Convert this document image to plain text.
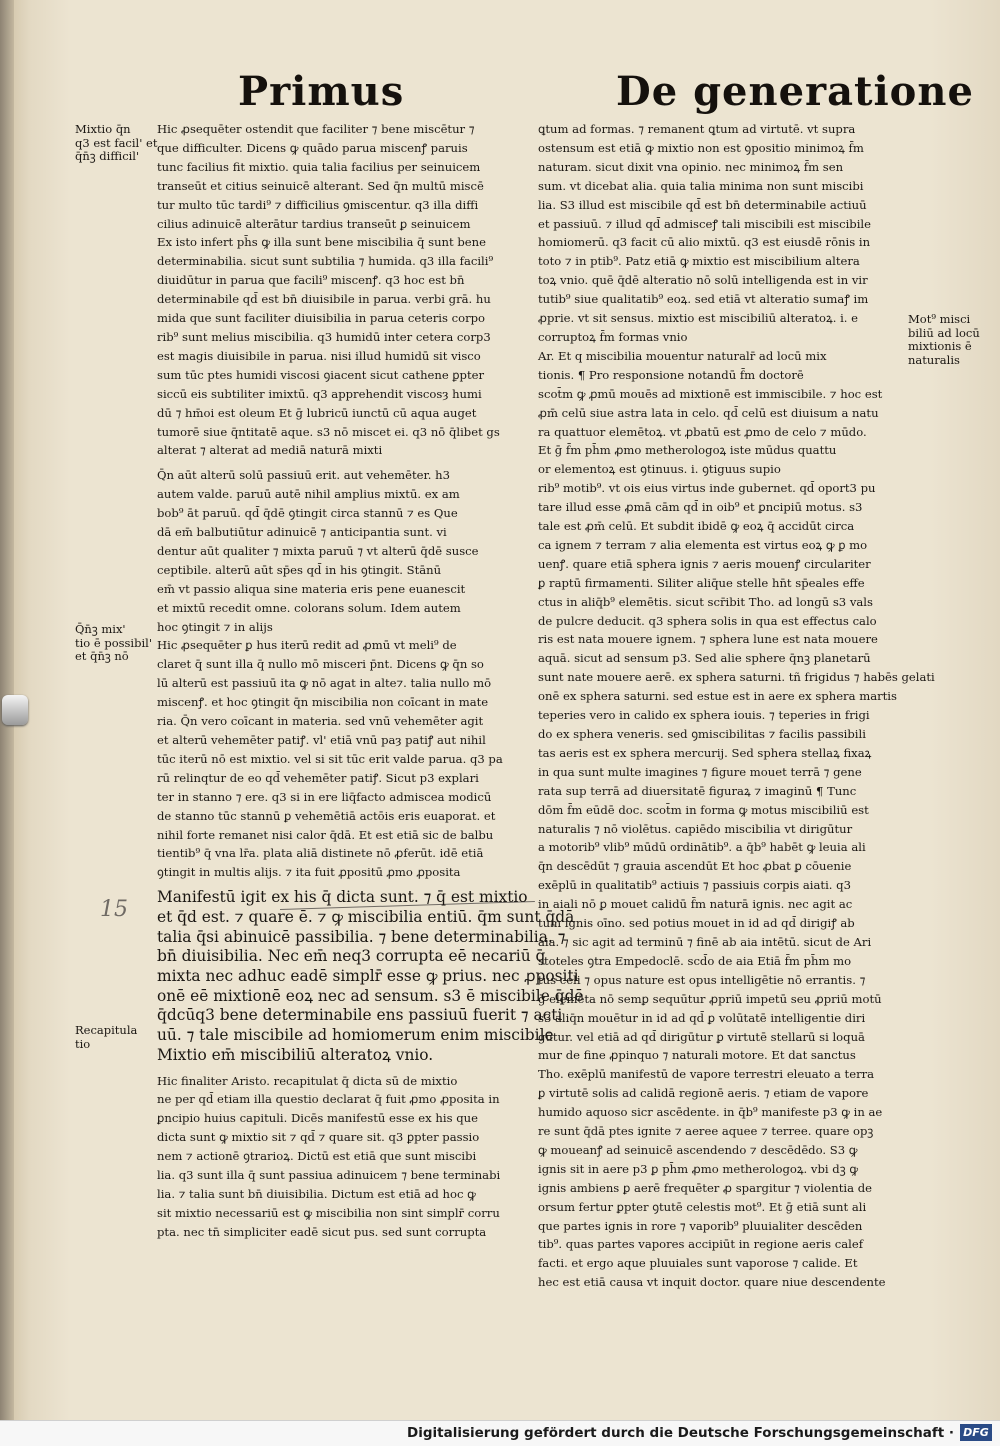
Primus	De generatione

Mixtio q̄n

q3 est facil' et

q̄n̄ꝫ difficil'

Q̄n̄ꝫ mix'

tio ē possibil'

et q̄n̄ꝫ nō

Recapitula

tio

Mot⁹ misci

biliū ad locū

mixtionis ē

naturalis

15

Hic ꝓsequēter ostendit que faciliter ⁊ bene miscētur ⁊

que difficulter. Dicens ꝙ quādo parua miscenꝭ paruis

tunc facilius fit mixtio. quia talia facilius per seinuicem

transeūt et citius seinuicē alterant. Sed q̄n multū miscē

tur multo tūc tardi⁹ ⁊ difficilius ꝯmiscentur. q3 illa diffi

cilius adinuicē alterātur tardius transeūt ꝑ seinuicem

Ex isto infert ph̄s ꝙ illa sunt bene miscibilia q̄ sunt bene

determinabilia. sicut sunt subtilia ⁊ humida. q3 illa facili⁹

diuidūtur in parua que facili⁹ miscenꝭ. q3 hoc est bn̄

determinabile qd̄ est bn̄ diuisibile in parua. verbi grā. hu

mida que sunt faciliter diuisibilia in parua ceteris corpo

rib⁹ sunt melius miscibilia. q3 humidū inter cetera corp3

est magis diuisibile in parua. nisi illud humidū sit visco

sum tūc ptes humidi viscosi ꝯiacent sicut cathene ꝑpter

siccū eis subtiliter imixtū. q3 apprehendit viscosȝ humi

dū ⁊ hm̄oi est oleum Et ḡ lubricū iunctū cū aqua auget

tumorē siue q̄ntitatē aque. s3 nō miscet ei. q3 nō q̄libet gs

alterat ⁊ alterat ad mediā naturā mixti

Q̄n aūt alterū solū passiuū erit. aut vehemēter. h3

autem valde. paruū autē nihil amplius mixtū. ex am

bob⁹ āt paruū. qd̄ q̄dē ꝯtingit circa stannū ⁊ es Que

dā em̄ balbutiūtur adinuicē ⁊ anticipantia sunt. vi

dentur aūt qualiter ⁊ mixta paruū ⁊ vt alterū q̄dē susce

ceptibile. alterū aūt sp̄es qd̄ in his ꝯtingit. Stānū

em̄ vt passio aliqua sine materia eris pene euanescit

et mixtū recedit omne. colorans solum. Idem autem

hoc ꝯtingit ⁊ in alijs

Hic ꝓsequēter ꝑ hus iterū redit ad ꝓmū vt meli⁹ de

claret q̄ sunt illa q̄ nullo mō misceri p̄nt. Dicens ꝙ q̄n so

lū alterū est passiuū ita ꝙ nō agat in alte⁊. talia nullo mō

miscenꝭ. et hoc ꝯtingit q̄n miscibilia non coīcant in mate

ria. Q̄n vero coīcant in materia. sed vnū vehemēter agit

et alterū vehemēter patiꝭ. vl' etiā vnū paȝ patiꝭ aut nihil

tūc iterū nō est mixtio. vel si sit tūc erit valde parua. q3 pa

rū relinqtur de eo qd̄ vehemēter patiꝭ. Sicut p3 explari

ter in stanno ⁊ ere. q3 si in ere liq̄facto admiscea modicū

de stanno tūc stannū ꝑ vehemētiā actōis eris euaporat. et

nihil forte remanet nisi calor q̄dā. Et est etiā sic de balbu

tientib⁹ q̄ vna lr̄a. plata aliā distinete nō ꝓferūt. idē etiā

ꝯtingit in multis alijs. ⁊ ita fuit ꝓpositū ꝓmo ꝓposita

Manifestū igit ex his q̄ dicta sunt. ⁊ q̄ est mixtio

et q̄d est. ⁊ quare ē. ⁊ ꝙ miscibilia entiū. q̄m sunt q̄dā

talia q̄si abinuicē passibilia. ⁊ bene determinabilia. ⁊

bn̄ diuisibilia. Nec em̄ neq3 corrupta eē necariū q̄

mixta nec adhuc eadē simplr̄ esse ꝙ prius. nec ꝓpositi

onē eē mixtionē eoꝝ nec ad sensum. s3 ē miscibile q̄dē

q̄dcūq3 bene determinabile ens passiuū fuerit ⁊ acti

uū. ⁊ tale miscibile ad homiomerum enim miscibile

Mixtio em̄ miscibiliū alteratoꝝ vnio.

Hic finaliter Aristo. recapitulat q̄ dicta sū de mixtio

ne per qd̄ etiam illa questio declarat q̄ fuit ꝓmo ꝓposita in

ꝑncipio huius capituli. Dicēs manifestū esse ex his que

dicta sunt ꝙ mixtio sit ⁊ qd̄ ⁊ quare sit. q3 ꝑpter passio

nem ⁊ actionē ꝯtrarioꝝ. Dictū est etiā que sunt miscibi

lia. q3 sunt illa q̄ sunt passiua adinuicem ⁊ bene terminabi

lia. ⁊ talia sunt bn̄ diuisibilia. Dictum est etiā ad hoc ꝙ

sit mixtio necessariū est ꝙ miscibilia non sint simplr̄ corru

pta. nec tn̄ simpliciter eadē sicut pus. sed sunt corrupta

ꝗtum ad formas. ⁊ remanent ꝗtum ad virtutē. vt supra

ostensum est etiā ꝙ mixtio non est ꝯpositio minimoꝝ f̄m

naturam. sicut dixit vna opinio. nec minimoꝝ f̄m sen

sum. vt dicebat alia. quia talia minima non sunt miscibi

lia. S3 illud est miscibile qd̄ est bn̄ determinabile actiuū

et passiuū. ⁊ illud qd̄ admisceꝭ tali miscibili est miscibile

homiomerū. q3 facit cū alio mixtū. q3 est eiusdē rōnis in

toto ⁊ in ptib⁹. Patz etiā ꝙ mixtio est miscibilium altera

toꝝ vnio. quē q̄dē alteratio nō solū intelligenda est in vir

tutib⁹ siue qualitatib⁹ eoꝝ. sed etiā vt alteratio sumaꝭ im

ꝓprie. vt sit sensus. mixtio est miscibiliū alteratoꝝ. i. e

corruptoꝝ f̄m formas vnio

Ar. Et q miscibilia mouentur naturalr̄ ad locū mix

tionis. ¶ Pro responsione notandū f̄m doctorē

scot̄m ꝙ ꝓmū mouēs ad mixtionē est immiscibile. ⁊ hoc est

ꝓm̄ celū siue astra lata in celo. qd̄ celū est diuisum a natu

ra quattuor elemētoꝝ. vt ꝓbatū est ꝓmo de celo ⁊ mūdo.

Et ḡ f̄m ph̄m ꝓmo metherologoꝝ iste mūdus quattu

or elementoꝝ est ꝯtinuus. i. ꝯtiguus supio

rib⁹ motib⁹. vt ois eius virtus inde gubernet. qd̄ oport3 pu

tare illud esse ꝓmā cām qd̄ in oib⁹ et ꝑncipiū motus. s3

tale est ꝓm̄ celū. Et subdit ibidē ꝙ eoꝝ q̄ accidūt circa

ca ignem ⁊ terram ⁊ alia elementa est virtus eoꝝ ꝙ ꝑ mo

uenꝭ. quare etiā sphera ignis ⁊ aeris mouenꝭ circulariter

ꝑ raptū firmamenti. Siliter aliq̄ue stelle hn̄t sp̄eales effe

ctus in aliq̄b⁹ elemētis. sicut scr̄ibit Tho. ad longū s3 vals

de pulcre deducit. q3 sphera solis in qua est effectus calo

ris est nata mouere ignem. ⁊ sphera lune est nata mouere

aquā. sicut ad sensum p3. Sed alie sphere q̄nꝫ planetarū

sunt nate mouere aerē. ex sphera saturni. tñ frigidus ⁊ habēs gelati

onē ex sphera saturni. sed estue est in aere ex sphera martis

teperies vero in calido ex sphera iouis. ⁊ teperies in frigi

do ex sphera veneris. sed ꝯmiscibilitas ⁊ facilis passibili

tas aeris est ex sphera mercurij. Sed sphera stellaꝝ fixaꝝ

in qua sunt multe imagines ⁊ figure mouet terrā ⁊ gene

rata sup terrā ad diuersitatē figuraꝝ ⁊ imaginū ¶ Tunc

dōm f̄m eūdē doc. scot̄m in forma ꝙ motus miscibiliū est

naturalis ⁊ nō violētus. capiēdo miscibilia vt dirigūtur

a motorib⁹ vlib⁹ mūdū ordinātib⁹. a q̄b⁹ habēt ꝙ leuia ali

q̄n descēdūt ⁊ grauia ascendūt Et hoc ꝓbat ꝑ cōuenie

exēplū in qualitatib⁹ actiuis ⁊ passiuis corpis aiati. q3

in aiali nō ꝑ mouet calidū f̄m naturā ignis. nec agit ac

tum ignis oīno. sed potius mouet in id ad qd̄ dirigiꝭ ab

aia. ⁊ sic agit ad terminū ⁊ finē ab aia intētū. sicut de Ari

stoteles ꝯtra Empedoclē. scd̄o de aia Etiā f̄m ph̄m mo

tus celi ⁊ opus nature est opus intelligētie nō errantis. ⁊

ḡ elemēta nō semꝑ sequūtur ꝓpriū impetū seu ꝓpriū motū

s3 aliq̄n mouētur in id ad qd̄ ꝑ volūtatē intelligentie diri

gūtur. vel etiā ad qd̄ dirigūtur ꝑ virtutē stellarū si loquā

mur de fine ꝓpinquo ⁊ naturali motore. Et dat sanctus

Tho. exēplū manifestū de vapore terrestri eleuato a terra

ꝑ virtutē solis ad calidā regionē aeris. ⁊ etiam de vapore

humido aquoso sicr ascēdente. in q̄b⁹ manifeste p3 ꝙ in ae

re sunt q̄dā ptes ignite ⁊ aeree aquee ⁊ terree. quare opꝫ

ꝙ moueanꝭ ad seinuicē ascendendo ⁊ descēdēdo. S3 ꝙ

ignis sit in aere p3 ꝑ ph̄m ꝓmo metherologoꝝ. vbi dꝫ ꝙ

ignis ambiens ꝑ aerē frequēter ꝓ spargitur ⁊ violentia de

orsum fertur ꝑpter ꝯtutē celestis mot⁹. Et ḡ etiā sunt ali

que partes ignis in rore ⁊ vaporib⁹ pluuialiter descēden

tib⁹. quas partes vapores accipiūt in regione aeris calef

facti. et ergo aque pluuiales sunt vaporose ⁊ calide. Et

hec est etiā causa vt inquit doctor. quare niue descendente

Digitalisierung gefördert durch die Deutsche Forschungsgemeinschaft · DFG
